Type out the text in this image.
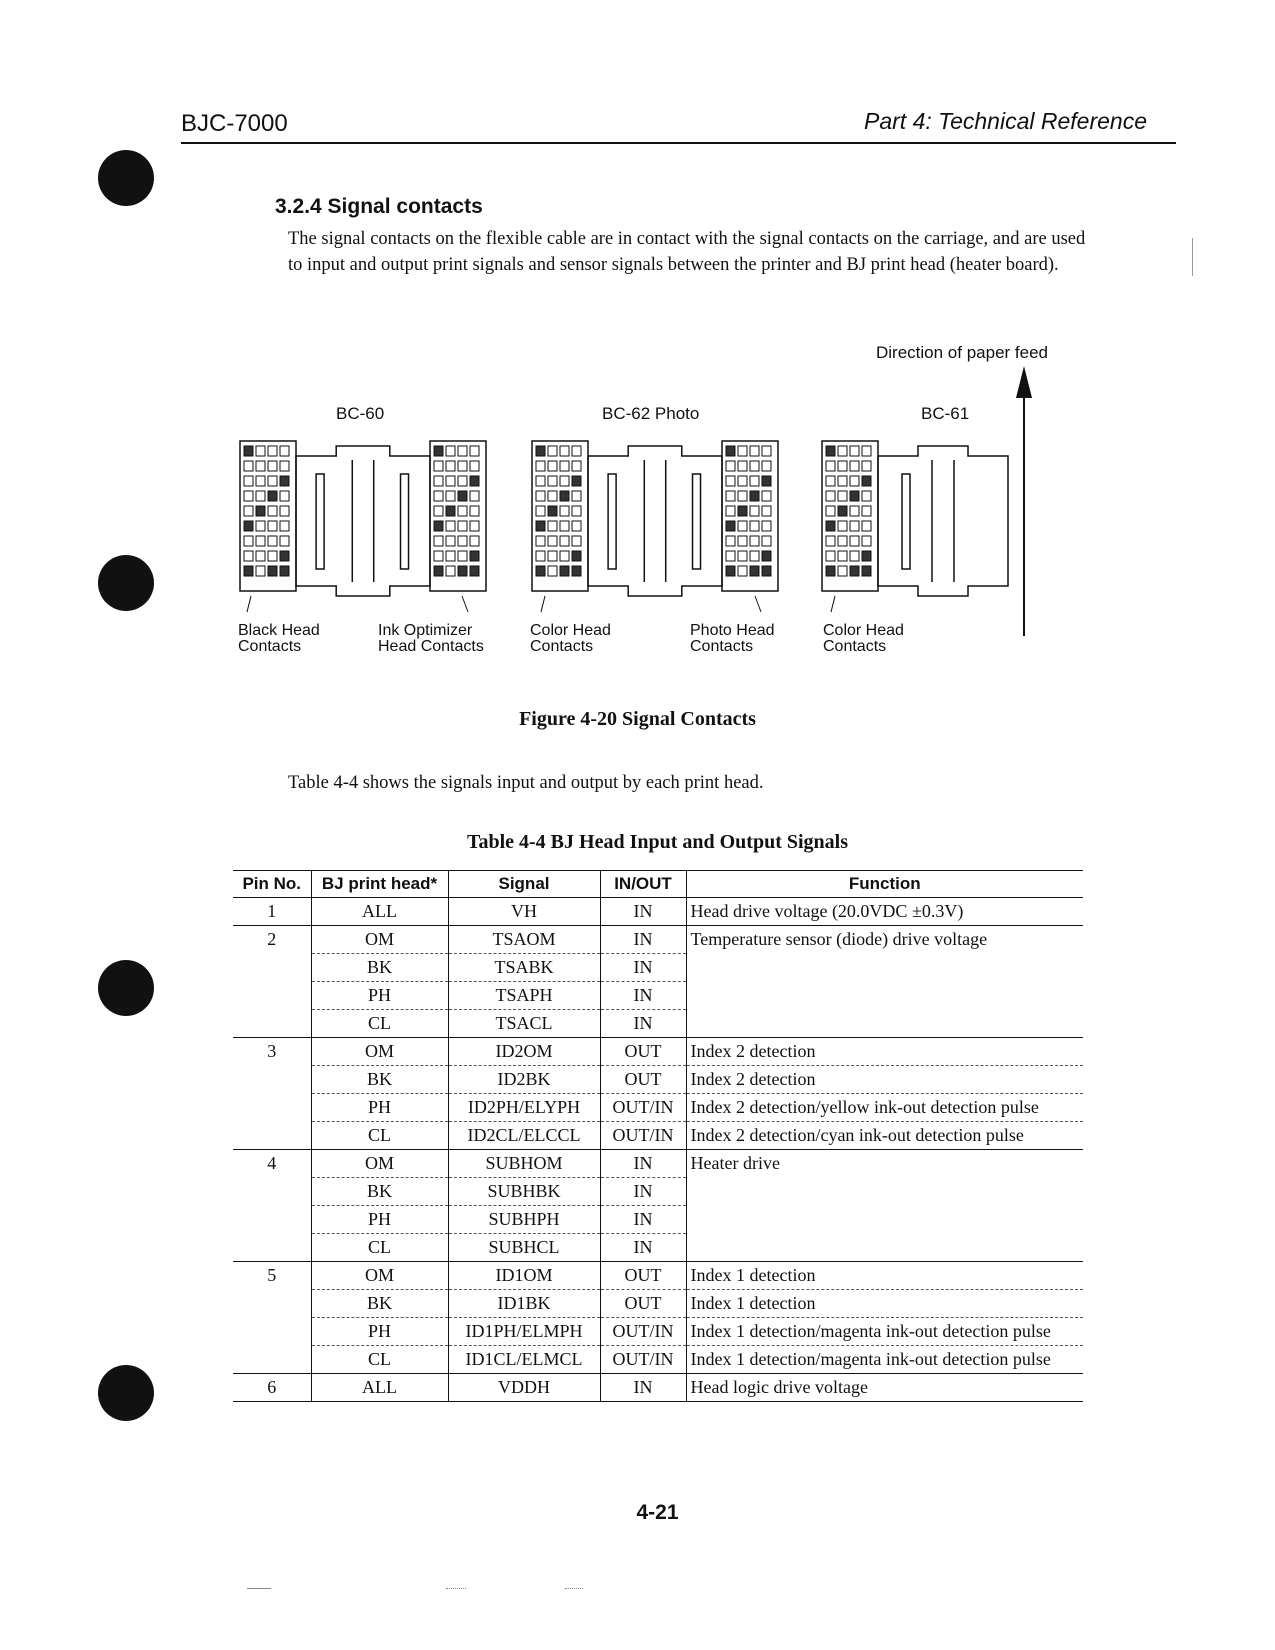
BJC-7000	Part 4: Technical Reference
3.2.4 Signal contacts
The signal contacts on the flexible cable are in contact with the signal contacts on the carriage, and are used to input and output print signals and sensor signals between the printer and BJ print head (heater board).
Direction of paper feed
BC-60	BC-62 Photo	BC-61
Black Head
Contacts
Ink Optimizer
Head Contacts
Color Head
Contacts
Photo Head
Contacts
Color Head
Contacts
Figure 4-20 Signal Contacts
Table 4-4 shows the signals input and output by each print head.
Table 4-4 BJ Head Input and Output Signals
Pin No.	BJ print head*	Signal	IN/OUT	Function
1	ALL	VH	IN	Head drive voltage (20.0VDC ±0.3V)
2	OM	TSAOM	IN	Temperature sensor (diode) drive voltage
	BK	TSABK	IN	
	PH	TSAPH	IN	
	CL	TSACL	IN	
3	OM	ID2OM	OUT	Index 2 detection
	BK	ID2BK	OUT	Index 2 detection
	PH	ID2PH/ELYPH	OUT/IN	Index 2 detection/yellow ink-out detection pulse
	CL	ID2CL/ELCCL	OUT/IN	Index 2 detection/cyan ink-out detection pulse
4	OM	SUBHOM	IN	Heater drive
	BK	SUBHBK	IN	
	PH	SUBHPH	IN	
	CL	SUBHCL	IN	
5	OM	ID1OM	OUT	Index 1 detection
	BK	ID1BK	OUT	Index 1 detection
	PH	ID1PH/ELMPH	OUT/IN	Index 1 detection/magenta ink-out detection pulse
	CL	ID1CL/ELMCL	OUT/IN	Index 1 detection/magenta ink-out detection pulse
6	ALL	VDDH	IN	Head logic drive voltage
4-21
